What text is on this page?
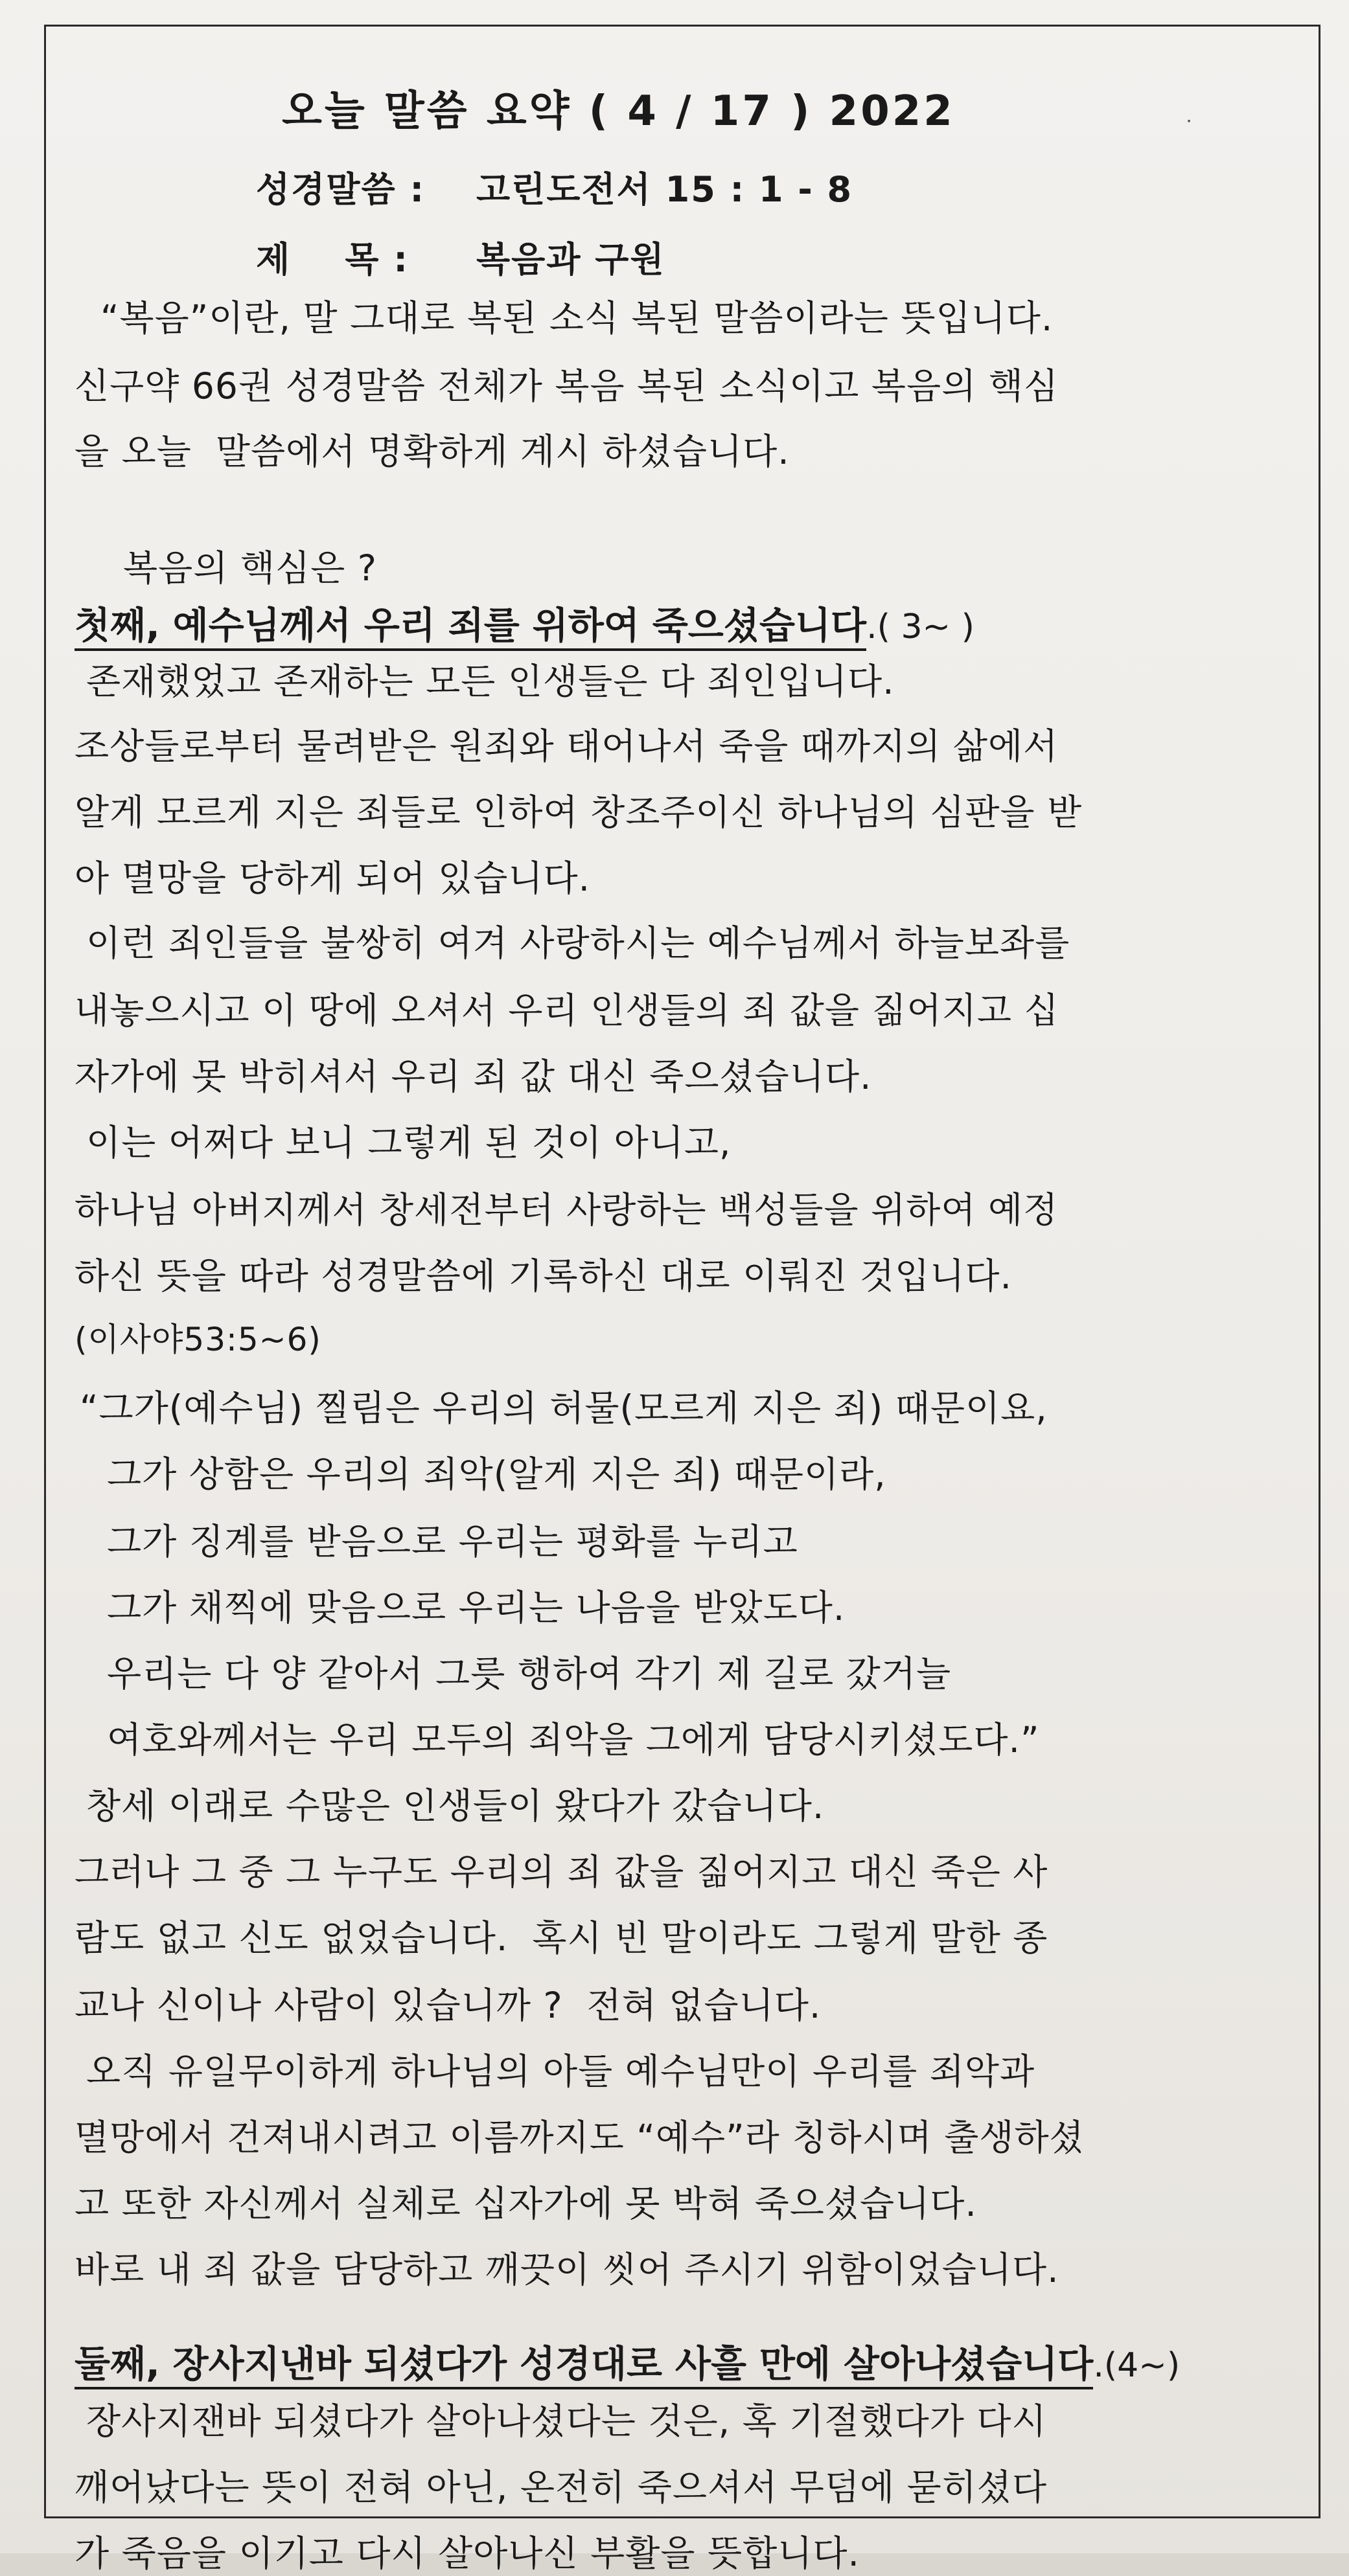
ᐧ
오늘 말씀 요약 ( 4 / 17 ) 2022
성경말씀 : 고린도전서 15 : 1 - 8
제    목 : 복음과 구원
“복음”이란, 말 그대로 복된 소식 복된 말씀이라는 뜻입니다.
신구약 66권 성경말씀 전체가 복음 복된 소식이고 복음의 핵심
을 오늘  말씀에서 명확하게 계시 하셨습니다.
복음의 핵심은 ?
첫째, 예수님께서 우리 죄를 위하여 죽으셨습니다.( 3~ )
존재했었고 존재하는 모든 인생들은 다 죄인입니다.
조상들로부터 물려받은 원죄와 태어나서 죽을 때까지의 삶에서
알게 모르게 지은 죄들로 인하여 창조주이신 하나님의 심판을 받
아 멸망을 당하게 되어 있습니다.
이런 죄인들을 불쌍히 여겨 사랑하시는 예수님께서 하늘보좌를
내놓으시고 이 땅에 오셔서 우리 인생들의 죄 값을 짊어지고 십
자가에 못 박히셔서 우리 죄 값 대신 죽으셨습니다.
이는 어쩌다 보니 그렇게 된 것이 아니고,
하나님 아버지께서 창세전부터 사랑하는 백성들을 위하여 예정
하신 뜻을 따라 성경말씀에 기록하신 대로 이뤄진 것입니다.
(이사야53:5~6)
“그가(예수님) 찔림은 우리의 허물(모르게 지은 죄) 때문이요,
그가 상함은 우리의 죄악(알게 지은 죄) 때문이라,
그가 징계를 받음으로 우리는 평화를 누리고
그가 채찍에 맞음으로 우리는 나음을 받았도다.
우리는 다 양 같아서 그릇 행하여 각기 제 길로 갔거늘
여호와께서는 우리 모두의 죄악을 그에게 담당시키셨도다.”
창세 이래로 수많은 인생들이 왔다가 갔습니다.
그러나 그 중 그 누구도 우리의 죄 값을 짊어지고 대신 죽은 사
람도 없고 신도 없었습니다.  혹시 빈 말이라도 그렇게 말한 종
교나 신이나 사람이 있습니까 ?  전혀 없습니다.
오직 유일무이하게 하나님의 아들 예수님만이 우리를 죄악과
멸망에서 건져내시려고 이름까지도 “예수”라 칭하시며 출생하셨
고 또한 자신께서 실체로 십자가에 못 박혀 죽으셨습니다.
바로 내 죄 값을 담당하고 깨끗이 씻어 주시기 위함이었습니다.
둘째, 장사지낸바 되셨다가 성경대로 사흘 만에 살아나셨습니다.(4~)
장사지잰바 되셨다가 살아나셨다는 것은, 혹 기절했다가 다시
깨어났다는 뜻이 전혀 아닌, 온전히 죽으셔서 무덤에 묻히셨다
가 죽음을 이기고 다시 살아나신 부활을 뜻합니다.
